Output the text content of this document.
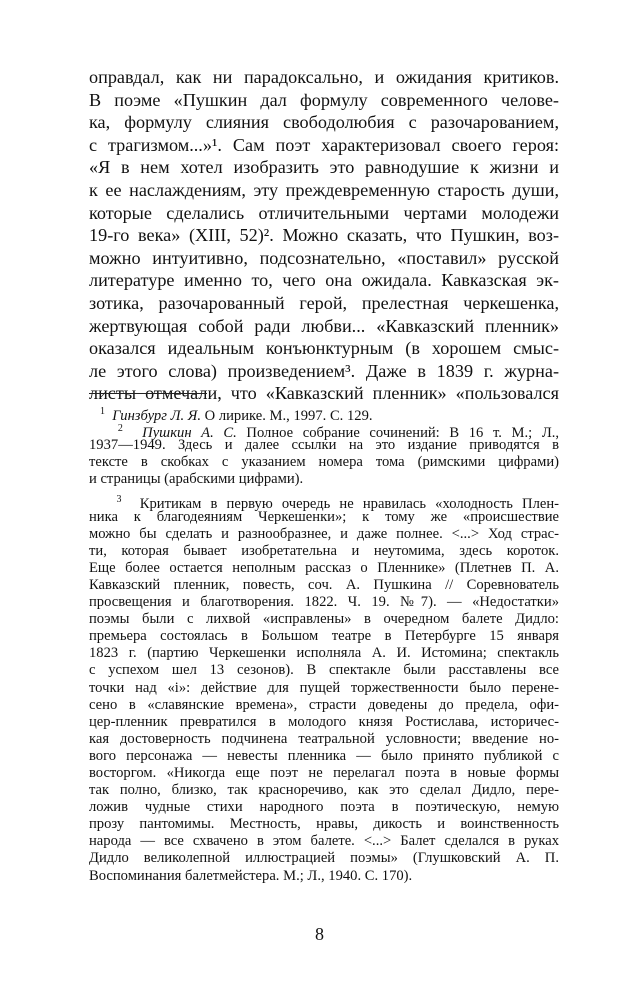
оправдал, как ни парадоксально, и ожидания критиков.
В поэме «Пушкин дал формулу современного челове-
ка, формулу слияния свободолюбия с разочарованием,
с трагизмом...»¹. Сам поэт характеризовал своего героя:
«Я в нем хотел изобразить это равнодушие к жизни и
к ее наслаждениям, эту преждевременную старость души,
которые сделались отличительными чертами молодежи
19-го века» (XIII, 52)². Можно сказать, что Пушкин, воз-
можно интуитивно, подсознательно, «поставил» русской
литературе именно то, чего она ожидала. Кавказская эк-
зотика, разочарованный герой, прелестная черкешенка,
жертвующая собой ради любви... «Кавказский пленник»
оказался идеальным конъюнктурным (в хорошем смыс-
ле этого слова) произведением³. Даже в 1839 г. журна-
листы отмечали, что «Кавказский пленник» «пользовался
$^1$ Гинзбург Л. Я. О лирике. М., 1997. С. 129.
$^2$ Пушкин А. С. Полное собрание сочинений: В 16 т. М.; Л.,
1937—1949. Здесь и далее ссылки на это издание приводятся в
тексте в скобках с указанием номера тома (римскими цифрами)
и страницы (арабскими цифрами).
$^3$ Критикам в первую очередь не нравилась «холодность Плен-
ника к благодеяниям Черкешенки»; к тому же «происшествие
можно бы сделать и разнообразнее, и даже полнее. <...> Ход страс-
ти, которая бывает изобретательна и неутомима, здесь короток.
Еще более остается неполным рассказ о Пленнике» (Плетнев П. А.
Кавказский пленник, повесть, соч. А. Пушкина // Соревнователь
просвещения и благотворения. 1822. Ч. 19. №7). — «Недостатки»
поэмы были с лихвой «исправлены» в очередном балете Дидло:
премьера состоялась в Большом театре в Петербурге 15 января
1823 г. (партию Черкешенки исполняла А. И. Истомина; спектакль
с успехом шел 13 сезонов). В спектакле были расставлены все
точки над «і»: действие для пущей торжественности было перене-
сено в «славянские времена», страсти доведены до предела, офи-
цер-пленник превратился в молодого князя Ростислава, историчес-
кая достоверность подчинена театральной условности; введение но-
вого персонажа — невесты пленника — было принято публикой с
восторгом. «Никогда еще поэт не перелагал поэта в новые формы
так полно, близко, так красноречиво, как это сделал Дидло, пере-
ложив чудные стихи народного поэта в поэтическую, немую
прозу пантомимы. Местность, нравы, дикость и воинственность
народа — все схвачено в этом балете. <...> Балет сделался в руках
Дидло великолепной иллюстрацией поэмы» (Глушковский А. П.
Воспоминания балетмейстера. М.; Л., 1940. С. 170).
8
